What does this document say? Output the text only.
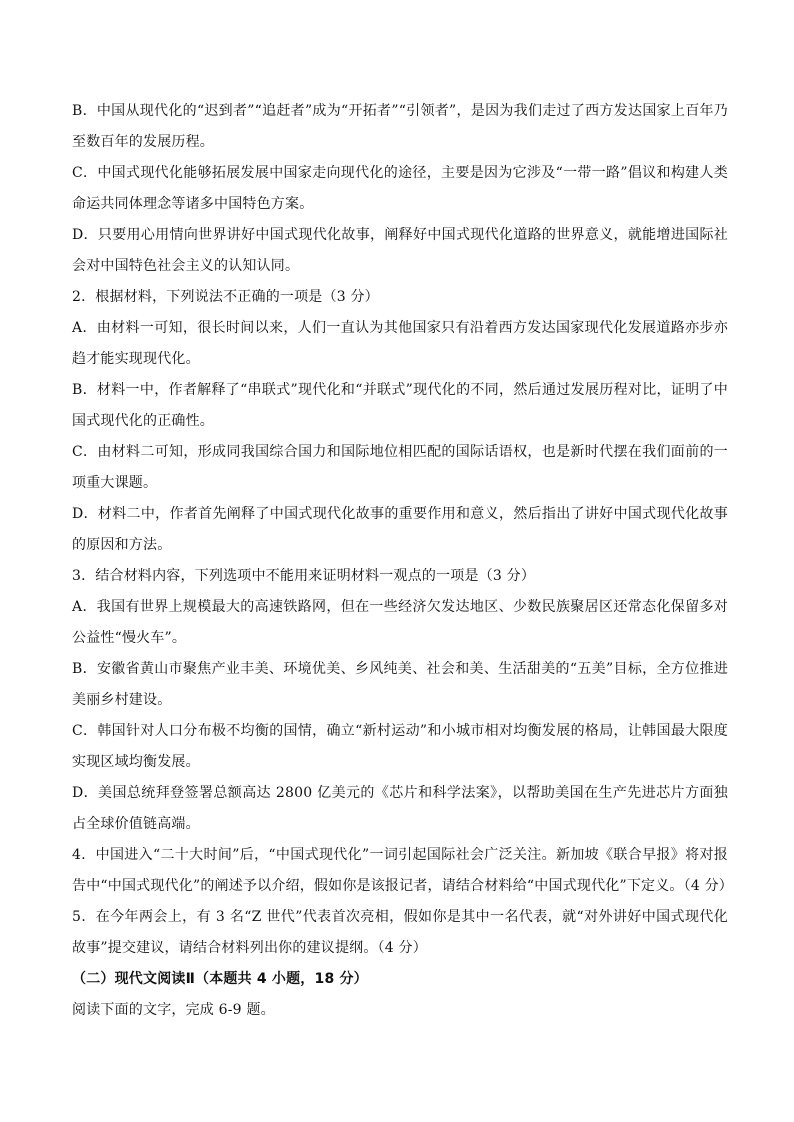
B．中国从现代化的“迟到者”“追赶者”成为“开拓者”“引领者”，是因为我们走过了西方发达国家上百年乃至数百年的发展历程。

C．中国式现代化能够拓展发展中国家走向现代化的途径，主要是因为它涉及“一带一路”倡议和构建人类命运共同体理念等诸多中国特色方案。

D．只要用心用情向世界讲好中国式现代化故事，阐释好中国式现代化道路的世界意义，就能增进国际社会对中国特色社会主义的认知认同。

2．根据材料，下列说法不正确的一项是（3 分）

A．由材料一可知，很长时间以来，人们一直认为其他国家只有沿着西方发达国家现代化发展道路亦步亦趋才能实现现代化。

B．材料一中，作者解释了“串联式”现代化和“并联式”现代化的不同，然后通过发展历程对比，证明了中国式现代化的正确性。

C．由材料二可知，形成同我国综合国力和国际地位相匹配的国际话语权，也是新时代摆在我们面前的一项重大课题。

D．材料二中，作者首先阐释了中国式现代化故事的重要作用和意义，然后指出了讲好中国式现代化故事的原因和方法。

3．结合材料内容，下列选项中不能用来证明材料一观点的一项是（3 分）

A．我国有世界上规模最大的高速铁路网，但在一些经济欠发达地区、少数民族聚居区还常态化保留多对公益性“慢火车”。

B．安徽省黄山市聚焦产业丰美、环境优美、乡风纯美、社会和美、生活甜美的“五美”目标，全方位推进美丽乡村建设。

C．韩国针对人口分布极不均衡的国情，确立“新村运动”和小城市相对均衡发展的格局，让韩国最大限度实现区域均衡发展。

D．美国总统拜登签署总额高达 2800 亿美元的《芯片和科学法案》，以帮助美国在生产先进芯片方面独占全球价值链高端。

4．中国进入“二十大时间”后，“中国式现代化”一词引起国际社会广泛关注。新加坡《联合早报》将对报告中“中国式现代化”的阐述予以介绍，假如你是该报记者，请结合材料给“中国式现代化”下定义。（4 分）

5．在今年两会上，有 3 名“Z 世代”代表首次亮相，假如你是其中一名代表，就“对外讲好中国式现代化故事”提交建议，请结合材料列出你的建议提纲。（4 分）

（二）现代文阅读Ⅱ（本题共 4 小题，18 分）

阅读下面的文字，完成 6-9 题。
